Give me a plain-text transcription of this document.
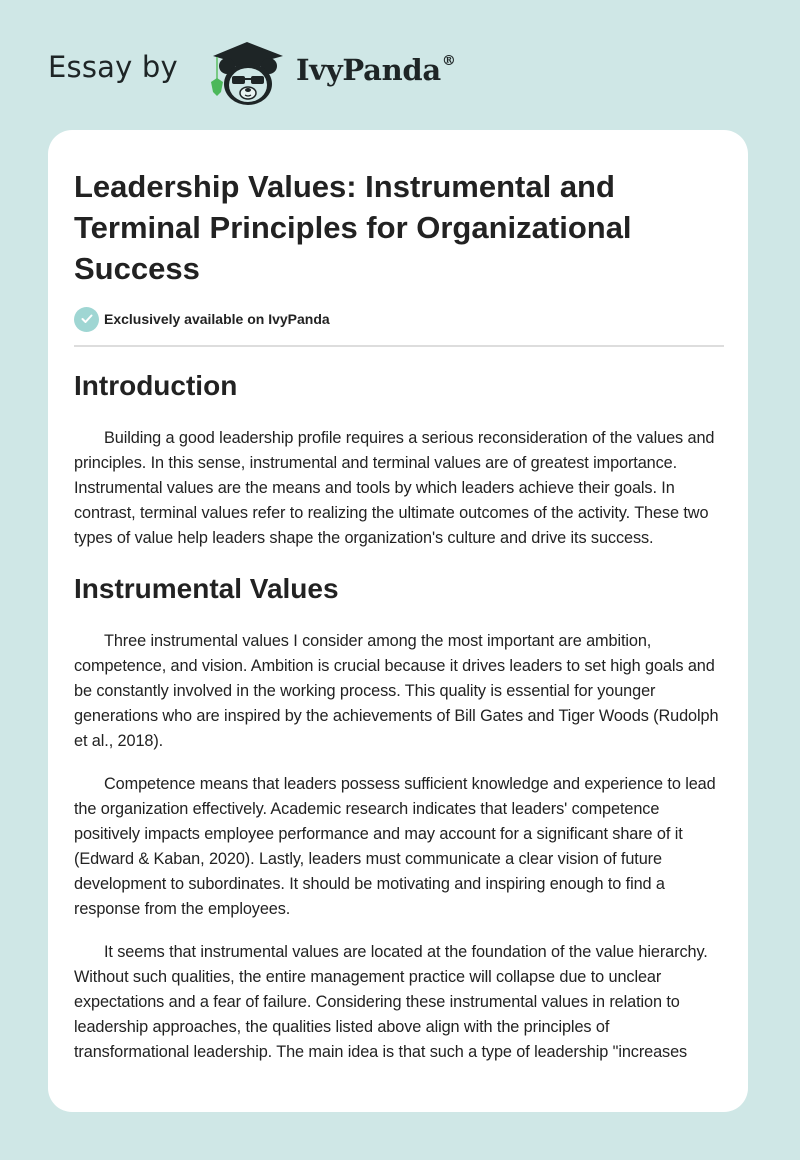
Essay by	IvyPanda®
Leadership Values: Instrumental and Terminal Principles for Organizational Success
Exclusively available on IvyPanda
Introduction

Building a good leadership profile requires a serious reconsideration of the values and principles. In this sense, instrumental and terminal values are of greatest importance. Instrumental values are the means and tools by which leaders achieve their goals. In contrast, terminal values refer to realizing the ultimate outcomes of the activity. These two types of value help leaders shape the organization's culture and drive its success.

Instrumental Values

Three instrumental values I consider among the most important are ambition, competence, and vision. Ambition is crucial because it drives leaders to set high goals and be constantly involved in the working process. This quality is essential for younger generations who are inspired by the achievements of Bill Gates and Tiger Woods (Rudolph et al., 2018).

Competence means that leaders possess sufficient knowledge and experience to lead the organization effectively. Academic research indicates that leaders' competence positively impacts employee performance and may account for a significant share of it (Edward & Kaban, 2020). Lastly, leaders must communicate a clear vision of future development to subordinates. It should be motivating and inspiring enough to find a response from the employees.

It seems that instrumental values are located at the foundation of the value hierarchy. Without such qualities, the entire management practice will collapse due to unclear expectations and a fear of failure. Considering these instrumental values in relation to leadership approaches, the qualities listed above align with the principles of transformational leadership. The main idea is that such a type of leadership "increases
